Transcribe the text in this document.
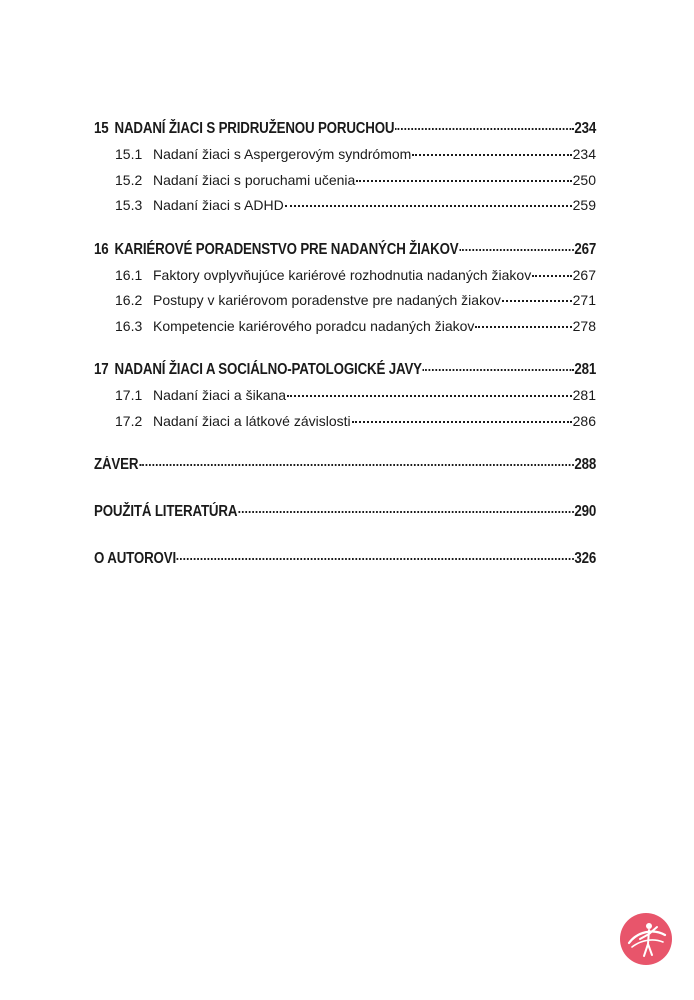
15 NADANÍ ŽIACI S PRIDRUŽENOU PORUCHOU	234
15.1 Nadaní žiaci s Aspergerovým syndrómom	234
15.2 Nadaní žiaci s poruchami učenia	250
15.3 Nadaní žiaci s ADHD	259
16 KARIÉROVÉ PORADENSTVO PRE NADANÝCH ŽIAKOV	267
16.1 Faktory ovplyvňujúce kariérové rozhodnutia nadaných žiakov	267
16.2 Postupy v kariérovom poradenstve pre nadaných žiakov	271
16.3 Kompetencie kariérového poradcu nadaných žiakov	278
17 NADANÍ ŽIACI A SOCIÁLNO-PATOLOGICKÉ JAVY	281
17.1 Nadaní žiaci a šikana	281
17.2 Nadaní žiaci a látkové závislosti	286
ZÁVER	288
POUŽITÁ LITERATÚRA	290
O AUTOROVI	326
